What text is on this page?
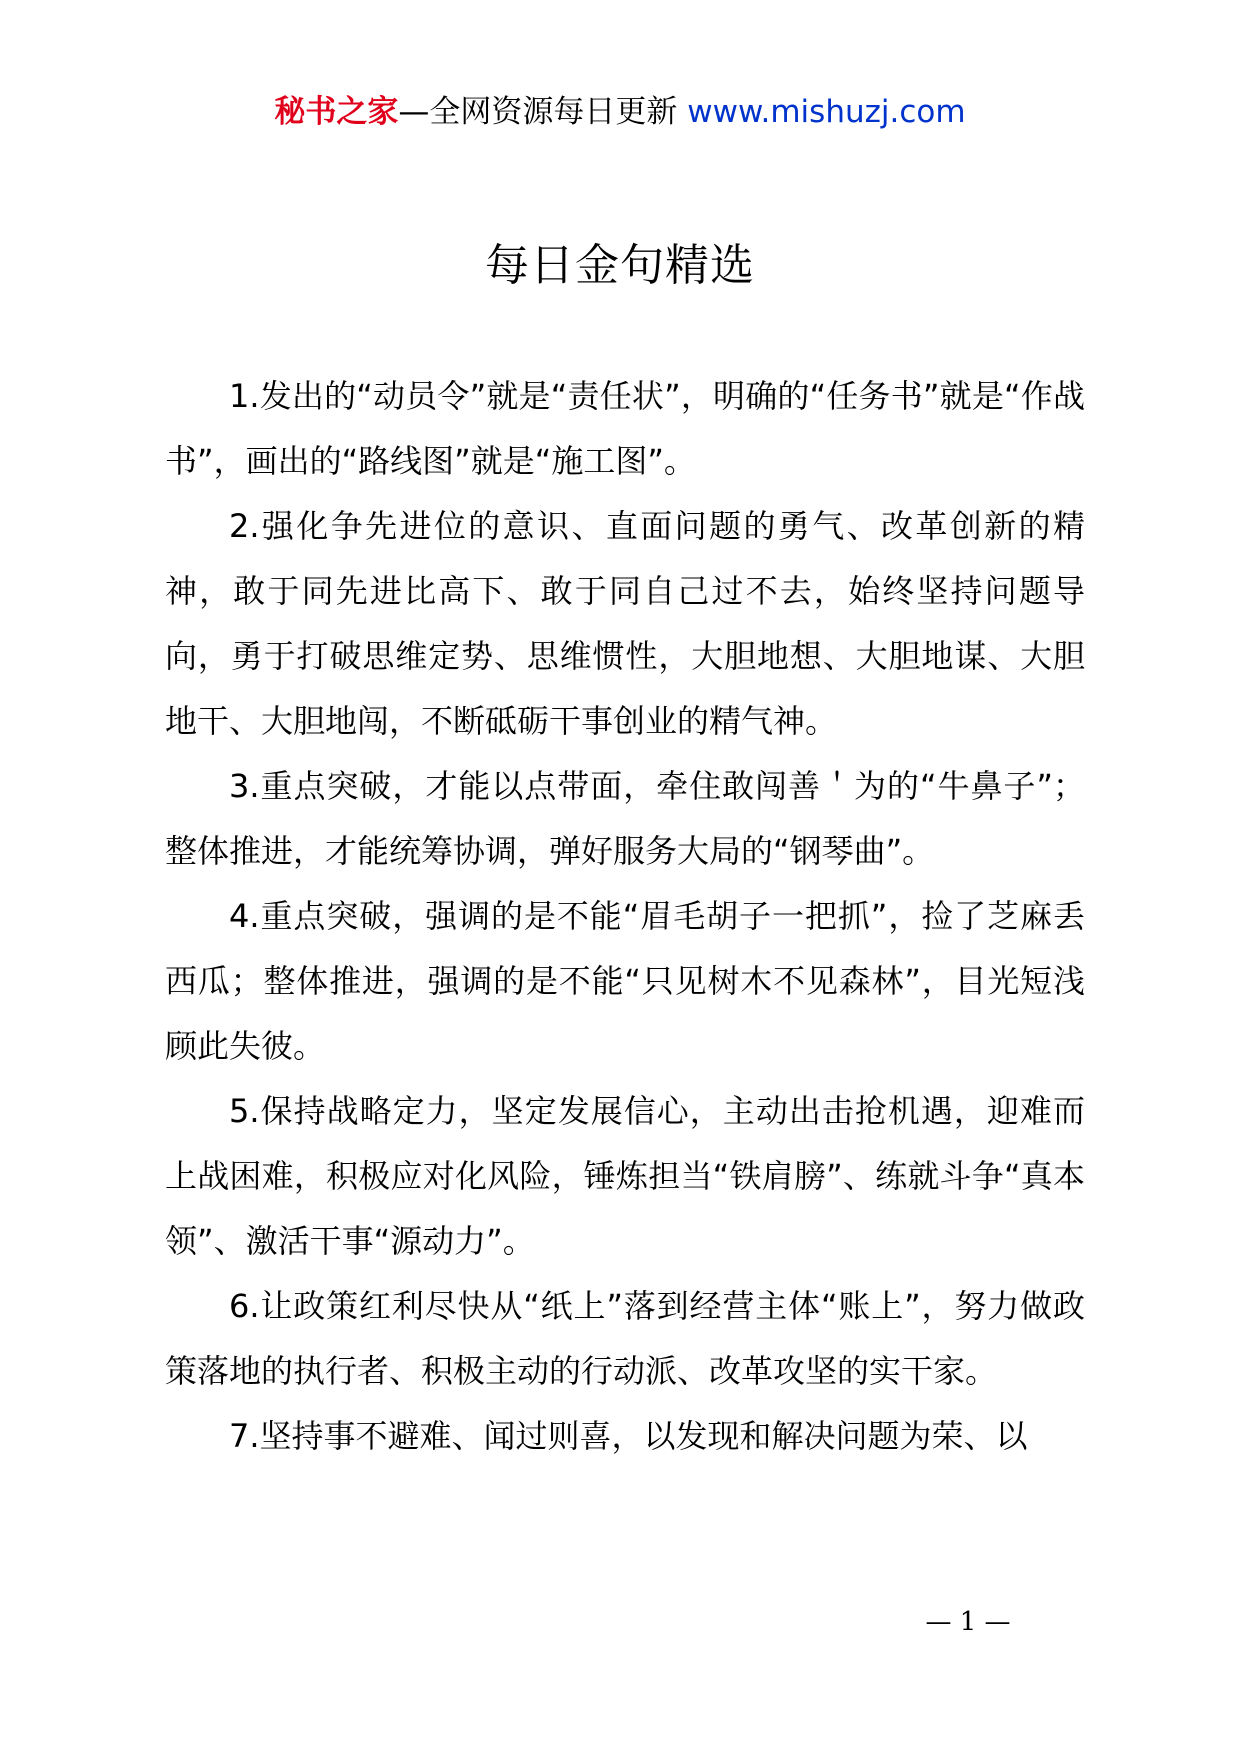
秘书之家—全网资源每日更新 www.mishuzj.com
每日金句精选

1.发出的“动员令”就是“责任状”，明确的“任务书”就是“作战书”，画出的“路线图”就是“施工图”。

2.强化争先进位的意识、直面问题的勇气、改革创新的精神，敢于同先进比高下、敢于同自己过不去，始终坚持问题导向，勇于打破思维定势、思维惯性，大胆地想、大胆地谋、大胆地干、大胆地闯，不断砥砺干事创业的精气神。

3.重点突破，才能以点带面，牵住敢闯善＇为的“牛鼻子”；整体推进，才能统筹协调，弹好服务大局的“钢琴曲”。

4.重点突破，强调的是不能“眉毛胡子一把抓”，捡了芝麻丢西瓜；整体推进，强调的是不能“只见树木不见森林”，目光短浅顾此失彼。

5.保持战略定力，坚定发展信心，主动出击抢机遇，迎难而上战困难，积极应对化风险，锤炼担当“铁肩膀”、练就斗争“真本领”、激活干事“源动力”。

6.让政策红利尽快从“纸上”落到经营主体“账上”，努力做政策落地的执行者、积极主动的行动派、改革攻坚的实干家。

7.坚持事不避难、闻过则喜，以发现和解决问题为荣、以

— 1 —
